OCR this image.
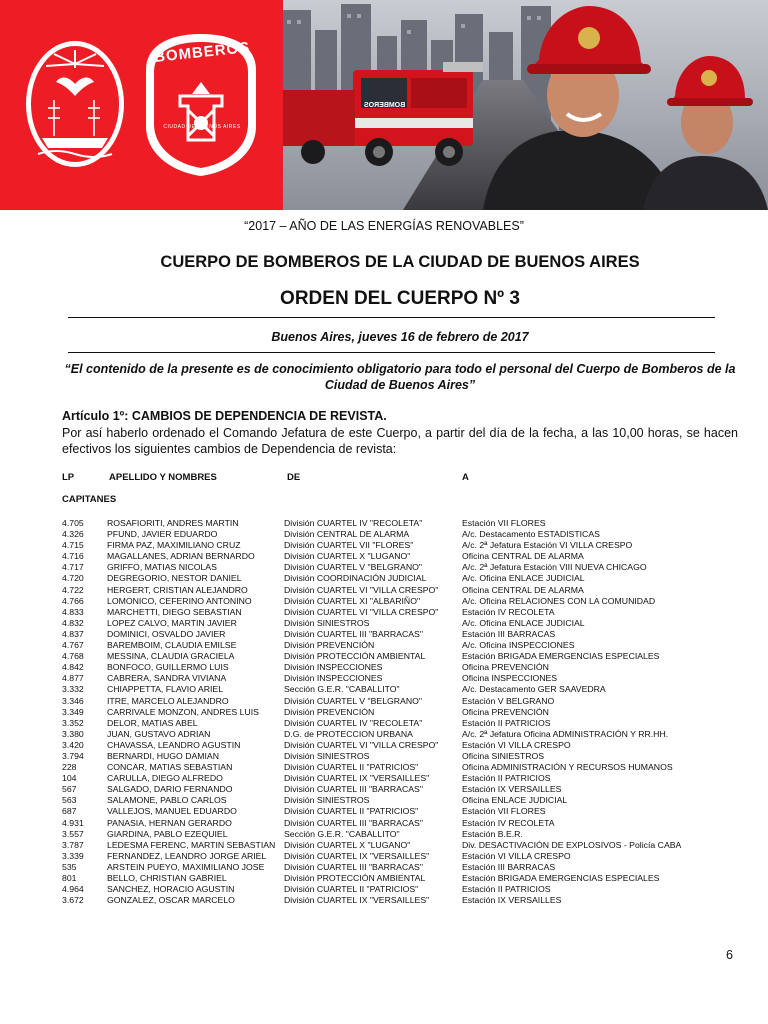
BOMBEROS
CIUDAD DE BUENOS AIRES
BOMBEROS
“2017 – AÑO DE LAS ENERGÍAS RENOVABLES”
CUERPO DE BOMBEROS DE LA CIUDAD DE BUENOS AIRES
ORDEN DEL CUERPO Nº 3
Buenos Aires, jueves 16 de febrero de 2017
“El contenido de la presente es de conocimiento obligatorio para todo el personal del Cuerpo de Bomberos de la Ciudad de Buenos Aires”
Artículo 1º: CAMBIOS DE DEPENDENCIA DE REVISTA.
Por así haberlo ordenado el Comando Jefatura de este Cuerpo, a partir del día de la fecha, a las 10,00 horas, se hacen efectivos los siguientes cambios de Dependencia de revista:
LP	APELLIDO Y NOMBRES	DE	A
CAPITANES
4.705	ROSAFIORITI, ANDRES MARTIN	División CUARTEL IV "RECOLETA"	Estación VII FLORES
4.326	PFUND, JAVIER EDUARDO	División CENTRAL DE ALARMA	A/c. Destacamento ESTADISTICAS
4.715	FIRMA PAZ, MAXIMILIANO CRUZ	División CUARTEL VII "FLORES"	A/c. 2ª Jefatura Estación VI VILLA CRESPO
4.716	MAGALLANES, ADRIAN BERNARDO	División CUARTEL X "LUGANO"	Oficina CENTRAL DE ALARMA
4.717	GRIFFO, MATIAS NICOLAS	División CUARTEL V "BELGRANO"	A/c. 2ª Jefatura Estación VIII NUEVA CHICAGO
4.720	DEGREGORIO, NESTOR DANIEL	División COORDINACIÓN JUDICIAL	A/c. Oficina ENLACE JUDICIAL
4.722	HERGERT, CRISTIAN ALEJANDRO	División CUARTEL VI "VILLA CRESPO"	Oficina CENTRAL DE ALARMA
4.766	LOMONICO, CEFERINO ANTONINO	División CUARTEL XI "ALBARIÑO"	A/c. Oficina RELACIONES CON LA COMUNIDAD
4.833	MARCHETTI, DIEGO SEBASTIAN	División CUARTEL VI "VILLA CRESPO"	Estación IV RECOLETA
4.832	LOPEZ CALVO, MARTIN JAVIER	División SINIESTROS	A/c. Oficina ENLACE JUDICIAL
4.837	DOMINICI, OSVALDO JAVIER	División CUARTEL III "BARRACAS"	Estación III BARRACAS
4.767	BAREMBOIM, CLAUDIA EMILSE	División PREVENCIÓN	A/c. Oficina INSPECCIONES
4.768	MESSINA, CLAUDIA GRACIELA	División PROTECCIÓN AMBIENTAL	Estación BRIGADA EMERGENCIAS ESPECIALES
4.842	BONFOCO, GUILLERMO LUIS	División INSPECCIONES	Oficina PREVENCIÓN
4.877	CABRERA, SANDRA VIVIANA	División INSPECCIONES	Oficina INSPECCIONES
3.332	CHIAPPETTA, FLAVIO ARIEL	Sección G.E.R. "CABALLITO"	A/c. Destacamento GER SAAVEDRA
3.346	ITRE, MARCELO ALEJANDRO	División CUARTEL V "BELGRANO"	Estación V BELGRANO
3.349	CARRIVALE MONZON, ANDRES LUIS	División PREVENCIÓN	Oficina PREVENCIÓN
3.352	DELOR, MATIAS ABEL	División CUARTEL IV "RECOLETA"	Estación II PATRICIOS
3.380	JUAN, GUSTAVO ADRIAN	D.G. de PROTECCION URBANA	A/c. 2ª Jefatura Oficina ADMINISTRACIÓN Y RR.HH.
3.420	CHAVASSA, LEANDRO AGUSTIN	División CUARTEL VI "VILLA CRESPO"	Estación VI VILLA CRESPO
3.794	BERNARDI, HUGO DAMIAN	División SINIESTROS	Oficina SINIESTROS
228	CONCAR, MATIAS SEBASTIAN	División CUARTEL II "PATRICIOS"	Oficina ADMINISTRACIÓN Y RECURSOS HUMANOS
104	CARULLA, DIEGO ALFREDO	División CUARTEL IX "VERSAILLES"	Estación II PATRICIOS
567	SALGADO, DARIO FERNANDO	División CUARTEL III "BARRACAS"	Estación IX VERSAILLES
563	SALAMONE, PABLO CARLOS	División SINIESTROS	Oficina ENLACE JUDICIAL
687	VALLEJOS, MANUEL EDUARDO	División CUARTEL II "PATRICIOS"	Estación VII FLORES
4.931	PANASIA, HERNAN GERARDO	División CUARTEL III "BARRACAS"	Estación IV RECOLETA
3.557	GIARDINA, PABLO EZEQUIEL	Sección G.E.R. "CABALLITO"	Estación B.E.R.
3.787	LEDESMA FERENC, MARTIN SEBASTIAN División CUARTEL X "LUGANO"	Div. DESACTIVACIÓN DE EXPLOSIVOS - Policía CABA
3.339	FERNANDEZ, LEANDRO JORGE ARIEL División CUARTEL IX "VERSAILLES"	Estación VI VILLA CRESPO
535	ARSTEIN PUEYO, MAXIMILIANO JOSE División CUARTEL III "BARRACAS"	Estación III BARRACAS
801	BELLO, CHRISTIAN GABRIEL	División PROTECCIÓN AMBIENTAL	Estación BRIGADA EMERGENCIAS ESPECIALES
4.964	SANCHEZ, HORACIO AGUSTIN	División CUARTEL II "PATRICIOS"	Estación II PATRICIOS
3.672	GONZALEZ, OSCAR MARCELO	División CUARTEL IX "VERSAILLES"	Estación IX VERSAILLES
6
